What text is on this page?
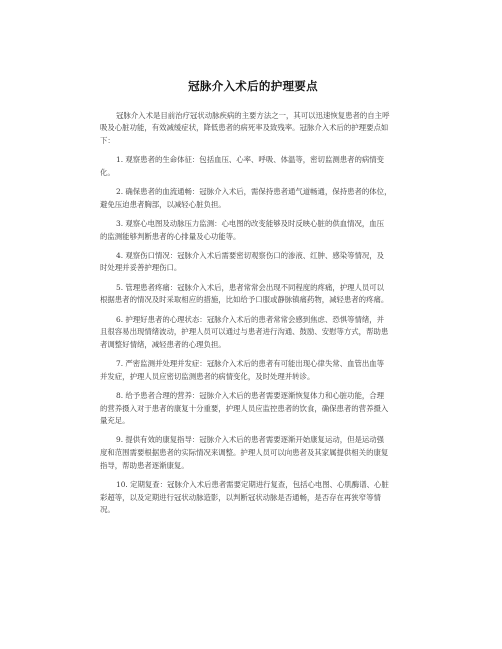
冠脉介入术后的护理要点

冠脉介入术是目前治疗冠状动脉疾病的主要方法之一，其可以迅速恢复患者的自主呼
吸及心脏功能，有效减缓症状，降低患者的病死率及致残率。冠脉介入术后的护理要点如
下：

1. 观察患者的生命体征：包括血压、心率、呼吸、体温等，密切监测患者的病情变
化。

2. 确保患者的血流通畅：冠脉介入术后，需保持患者通气道畅通，保持患者的体位，
避免压迫患者胸部，以减轻心脏负担。

3. 观察心电图及动脉压力监测：心电图的改变能够及时反映心脏的供血情况，血压
的监测能够判断患者的心排量及心功能等。

4. 观察伤口情况：冠脉介入术后需要密切观察伤口的渗液、红肿、感染等情况，及
时处理并妥善护理伤口。

5. 管理患者疼痛：冠脉介入术后，患者常常会出现不同程度的疼痛，护理人员可以
根据患者的情况及时采取相应的措施，比如给予口服或静脉镇痛药物，减轻患者的疼痛。

6. 护理好患者的心理状态：冠脉介入术后的患者常常会感到焦虑、恐惧等情绪，并
且很容易出现情绪波动，护理人员可以通过与患者进行沟通、鼓励、安慰等方式，帮助患
者调整好情绪，减轻患者的心理负担。

7. 严密监测并处理并发症：冠脉介入术后的患者有可能出现心律失常、血管出血等
并发症，护理人员应密切监测患者的病情变化，及时处理并转诊。

8. 给予患者合理的营养：冠脉介入术后的患者需要逐渐恢复体力和心脏功能，合理
的营养摄入对于患者的康复十分重要，护理人员应监控患者的饮食，确保患者的营养摄入
量充足。

9. 提供有效的康复指导：冠脉介入术后的患者需要逐渐开始康复运动，但是运动强
度和范围需要根据患者的实际情况来调整。护理人员可以向患者及其家属提供相关的康复
指导，帮助患者逐渐康复。

10. 定期复查：冠脉介入术后患者需要定期进行复查，包括心电图、心肌酶谱、心脏
彩超等，以及定期进行冠状动脉造影，以判断冠状动脉是否通畅，是否存在再狭窄等情
况。
